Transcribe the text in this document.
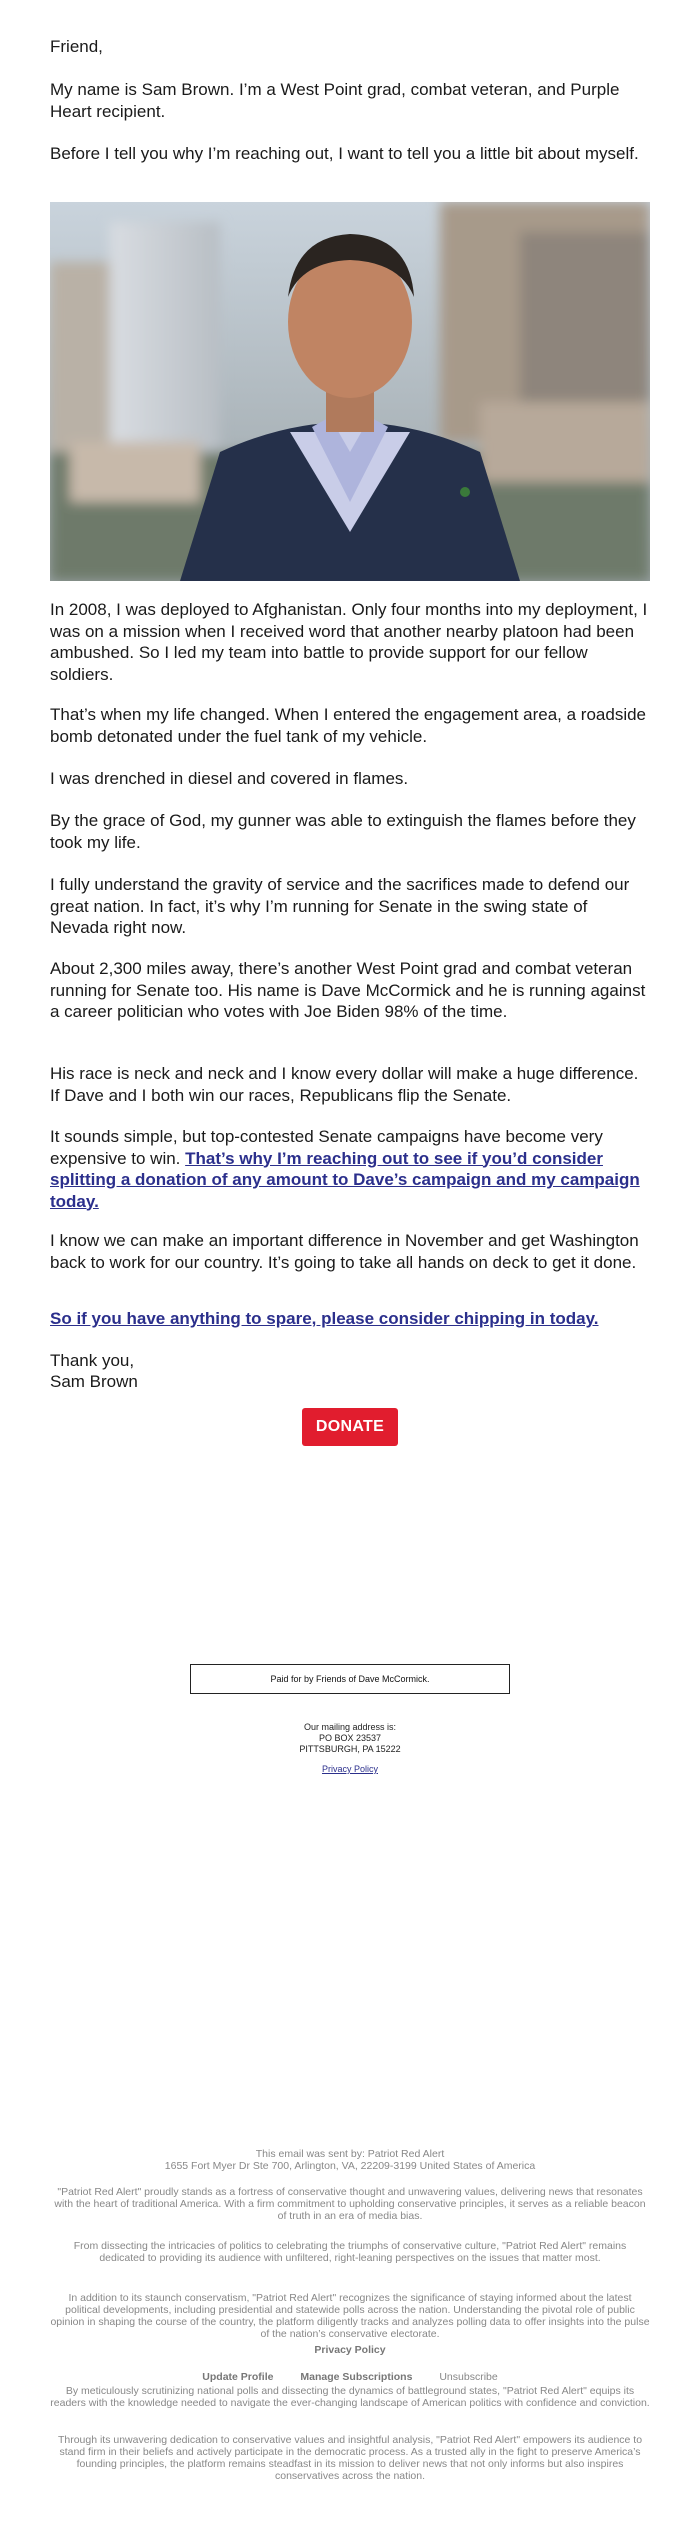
Friend,

My name is Sam Brown. I’m a West Point grad, combat veteran, and Purple Heart recipient.

Before I tell you why I’m reaching out, I want to tell you a little bit about myself.

In 2008, I was deployed to Afghanistan. Only four months into my deployment, I was on a mission when I received word that another nearby platoon had been ambushed. So I led my team into battle to provide support for our fellow soldiers.

That’s when my life changed. When I entered the engagement area, a roadside bomb detonated under the fuel tank of my vehicle.

I was drenched in diesel and covered in flames.

By the grace of God, my gunner was able to extinguish the flames before they took my life.

I fully understand the gravity of service and the sacrifices made to defend our great nation. In fact, it’s why I’m running for Senate in the swing state of Nevada right now.

About 2,300 miles away, there’s another West Point grad and combat veteran running for Senate too. His name is Dave McCormick and he is running against a career politician who votes with Joe Biden 98% of the time.

His race is neck and neck and I know every dollar will make a huge difference. If Dave and I both win our races, Republicans flip the Senate.

It sounds simple, but top-contested Senate campaigns have become very expensive to win. That’s why I’m reaching out to see if you’d consider splitting a donation of any amount to Dave’s campaign and my campaign today.

I know we can make an important difference in November and get Washington back to work for our country. It’s going to take all hands on deck to get it done.

So if you have anything to spare, please consider chipping in today.

Thank you,

Sam Brown

DONATE
Paid for by Friends of Dave McCormick.
Our mailing address is:
PO BOX 23537
PITTSBURGH, PA 15222
Privacy Policy

This email was sent by: Patriot Red Alert

1655 Fort Myer Dr Ste 700, Arlington, VA, 22209-3199 United States of America

"Patriot Red Alert" proudly stands as a fortress of conservative thought and unwavering values, delivering news that resonates with the heart of traditional America. With a firm commitment to upholding conservative principles, it serves as a reliable beacon of truth in an era of media bias.

From dissecting the intricacies of politics to celebrating the triumphs of conservative culture, "Patriot Red Alert" remains dedicated to providing its audience with unfiltered, right-leaning perspectives on the issues that matter most.

In addition to its staunch conservatism, "Patriot Red Alert" recognizes the significance of staying informed about the latest political developments, including presidential and statewide polls across the nation. Understanding the pivotal role of public opinion in shaping the course of the country, the platform diligently tracks and analyzes polling data to offer insights into the pulse of the nation’s conservative electorate.

Privacy Policy

Update Profile	Manage Subscriptions	Unsubscribe

By meticulously scrutinizing national polls and dissecting the dynamics of battleground states, "Patriot Red Alert" equips its readers with the knowledge needed to navigate the ever-changing landscape of American politics with confidence and conviction.

Through its unwavering dedication to conservative values and insightful analysis, "Patriot Red Alert" empowers its audience to stand firm in their beliefs and actively participate in the democratic process. As a trusted ally in the fight to preserve America’s founding principles, the platform remains steadfast in its mission to deliver news that not only informs but also inspires conservatives across the nation.
